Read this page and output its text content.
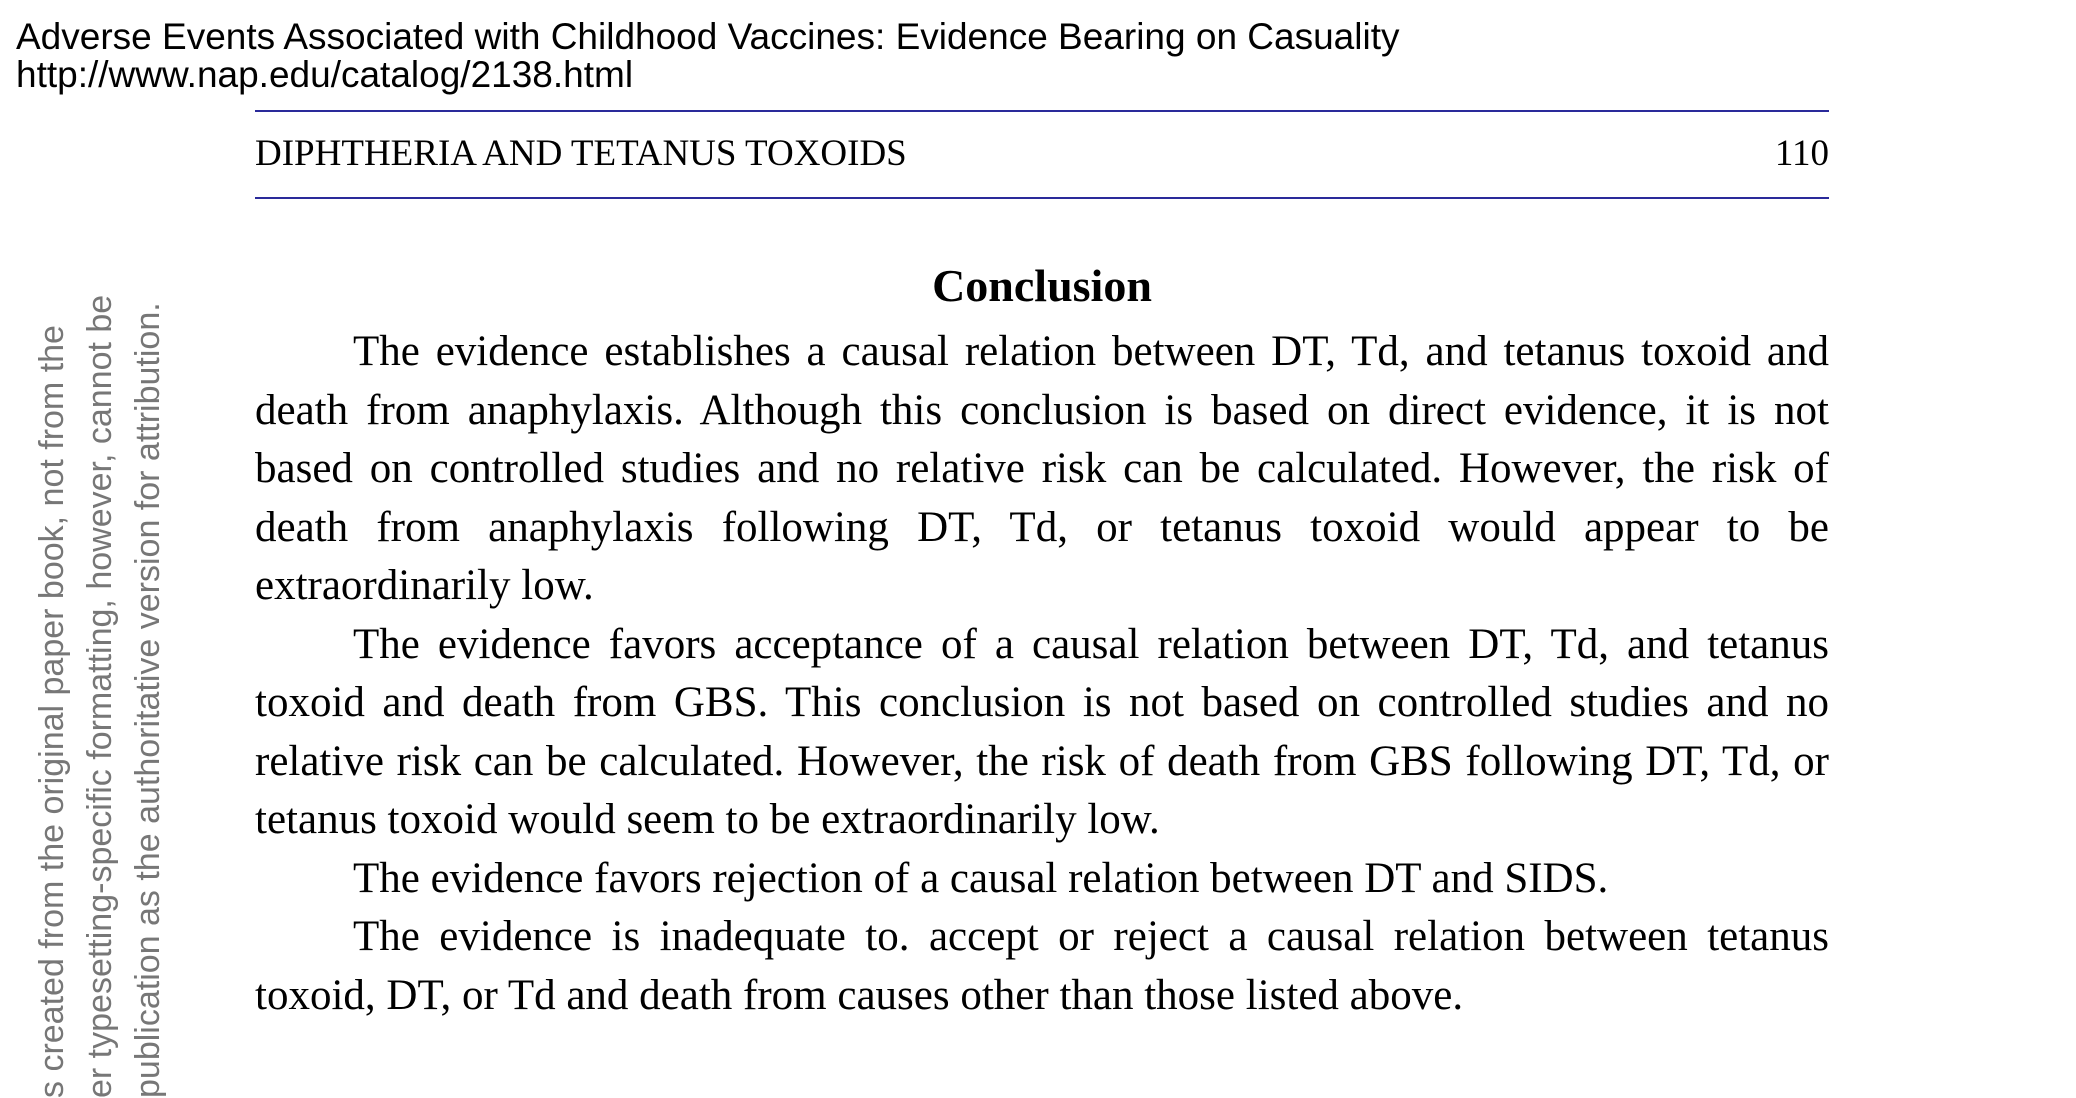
Adverse Events Associated with Childhood Vaccines: Evidence Bearing on Casuality
http://www.nap.edu/catalog/2138.html
s created from the original paper book, not from the er typesetting-specific formatting, however, cannot be publication as the authoritative version for attribution.
DIPHTHERIA AND TETANUS TOXOIDS	110
Conclusion

The evidence establishes a causal relation between DT, Td, and tetanus toxoid and death from anaphylaxis. Although this conclusion is based on direct evidence, it is not based on controlled studies and no relative risk can be calculated. However, the risk of death from anaphylaxis following DT, Td, or tetanus toxoid would appear to be extraordinarily low.

The evidence favors acceptance of a causal relation between DT, Td, and tetanus toxoid and death from GBS. This conclusion is not based on controlled studies and no relative risk can be calculated. However, the risk of death from GBS following DT, Td, or tetanus toxoid would seem to be extraordinarily low.

The evidence favors rejection of a causal relation between DT and SIDS.

The evidence is inadequate to. accept or reject a causal relation between tetanus toxoid, DT, or Td and death from causes other than those listed above.
